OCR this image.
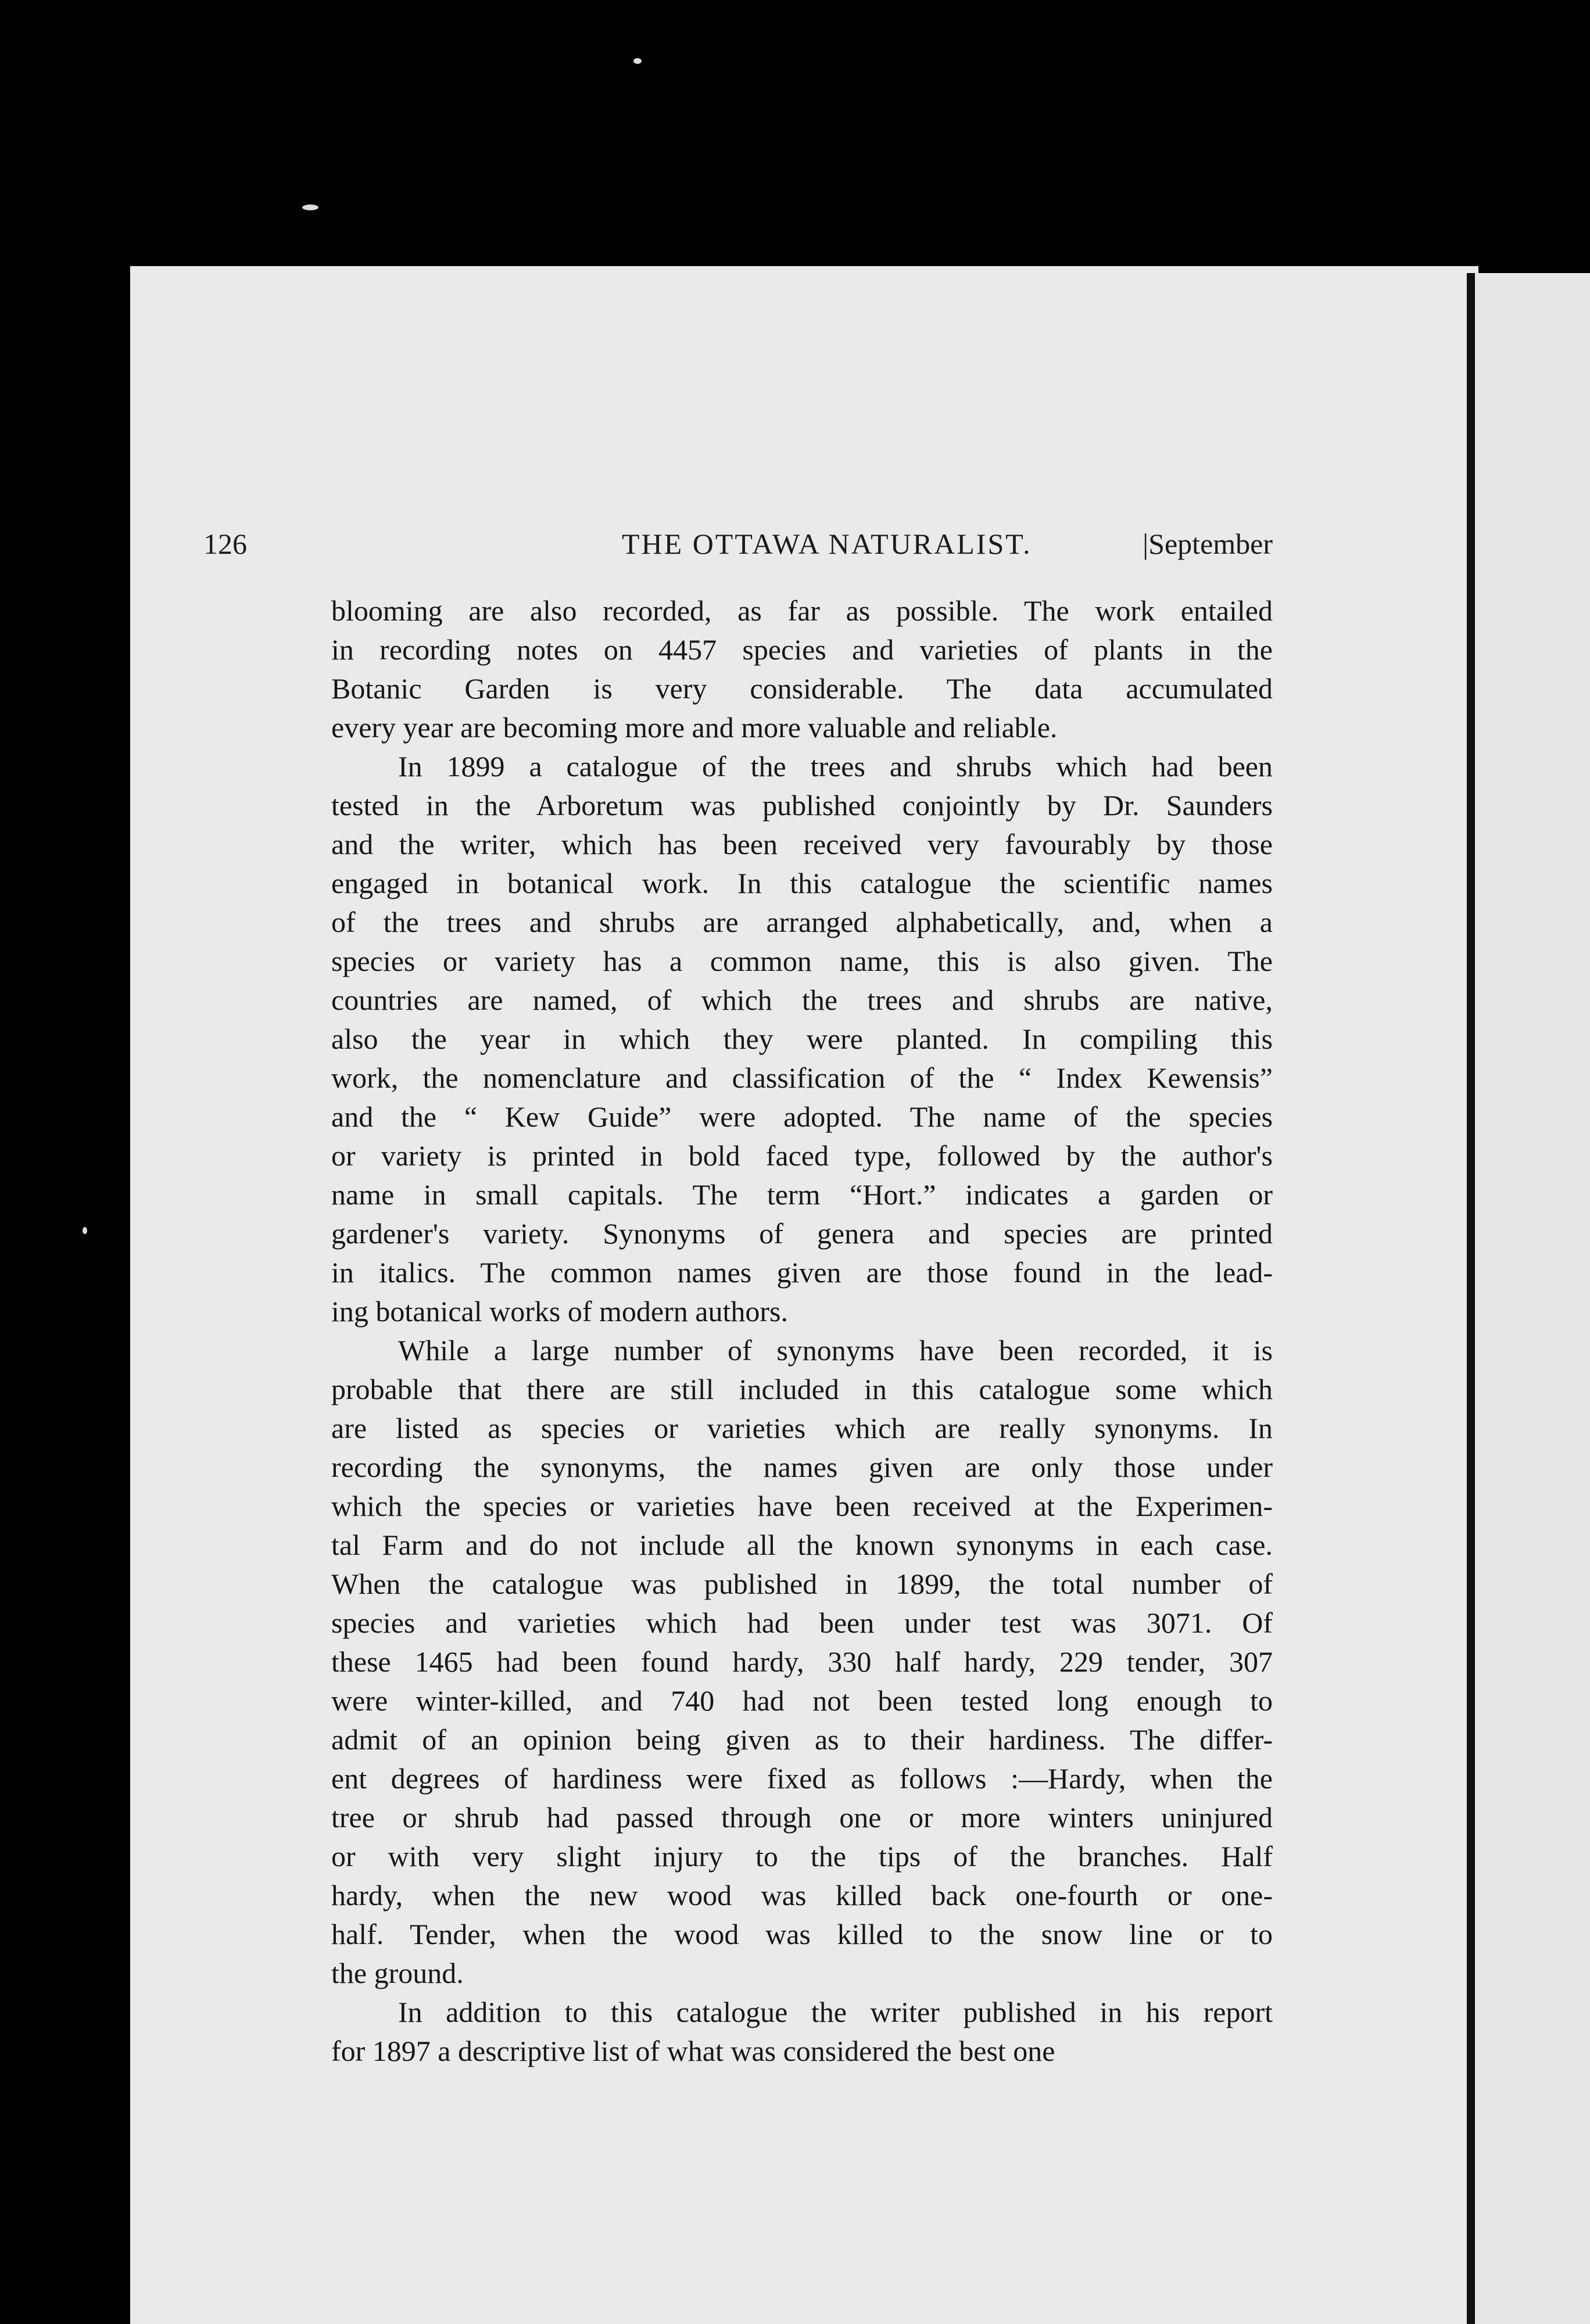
126	THE OTTAWA NATURALIST.	|September
blooming are also recorded, as far as possible. The work entailed
in recording notes on 4457 species and varieties of plants in the
Botanic Garden is very considerable. The data accumulated
every year are becoming more and more valuable and reliable.
In 1899 a catalogue of the trees and shrubs which had been
tested in the Arboretum was published conjointly by Dr. Saunders
and the writer, which has been received very favourably by those
engaged in botanical work. In this catalogue the scientific names
of the trees and shrubs are arranged alphabetically, and, when a
species or variety has a common name, this is also given. The
countries are named, of which the trees and shrubs are native,
also the year in which they were planted. In compiling this
work, the nomenclature and classification of the “ Index Kewensis”
and the “ Kew Guide” were adopted. The name of the species
or variety is printed in bold faced type, followed by the author's
name in small capitals. The term “Hort.” indicates a garden or
gardener's variety. Synonyms of genera and species are printed
in italics. The common names given are those found in the lead-
ing botanical works of modern authors.
While a large number of synonyms have been recorded, it is
probable that there are still included in this catalogue some which
are listed as species or varieties which are really synonyms. In
recording the synonyms, the names given are only those under
which the species or varieties have been received at the Experimen-
tal Farm and do not include all the known synonyms in each case.
When the catalogue was published in 1899, the total number of
species and varieties which had been under test was 3071. Of
these 1465 had been found hardy, 330 half hardy, 229 tender, 307
were winter-killed, and 740 had not been tested long enough to
admit of an opinion being given as to their hardiness. The differ-
ent degrees of hardiness were fixed as follows :—Hardy, when the
tree or shrub had passed through one or more winters uninjured
or with very slight injury to the tips of the branches. Half
hardy, when the new wood was killed back one-fourth or one-
half. Tender, when the wood was killed to the snow line or to
the ground.
In addition to this catalogue the writer published in his report
for 1897 a descriptive list of what was considered the best one
